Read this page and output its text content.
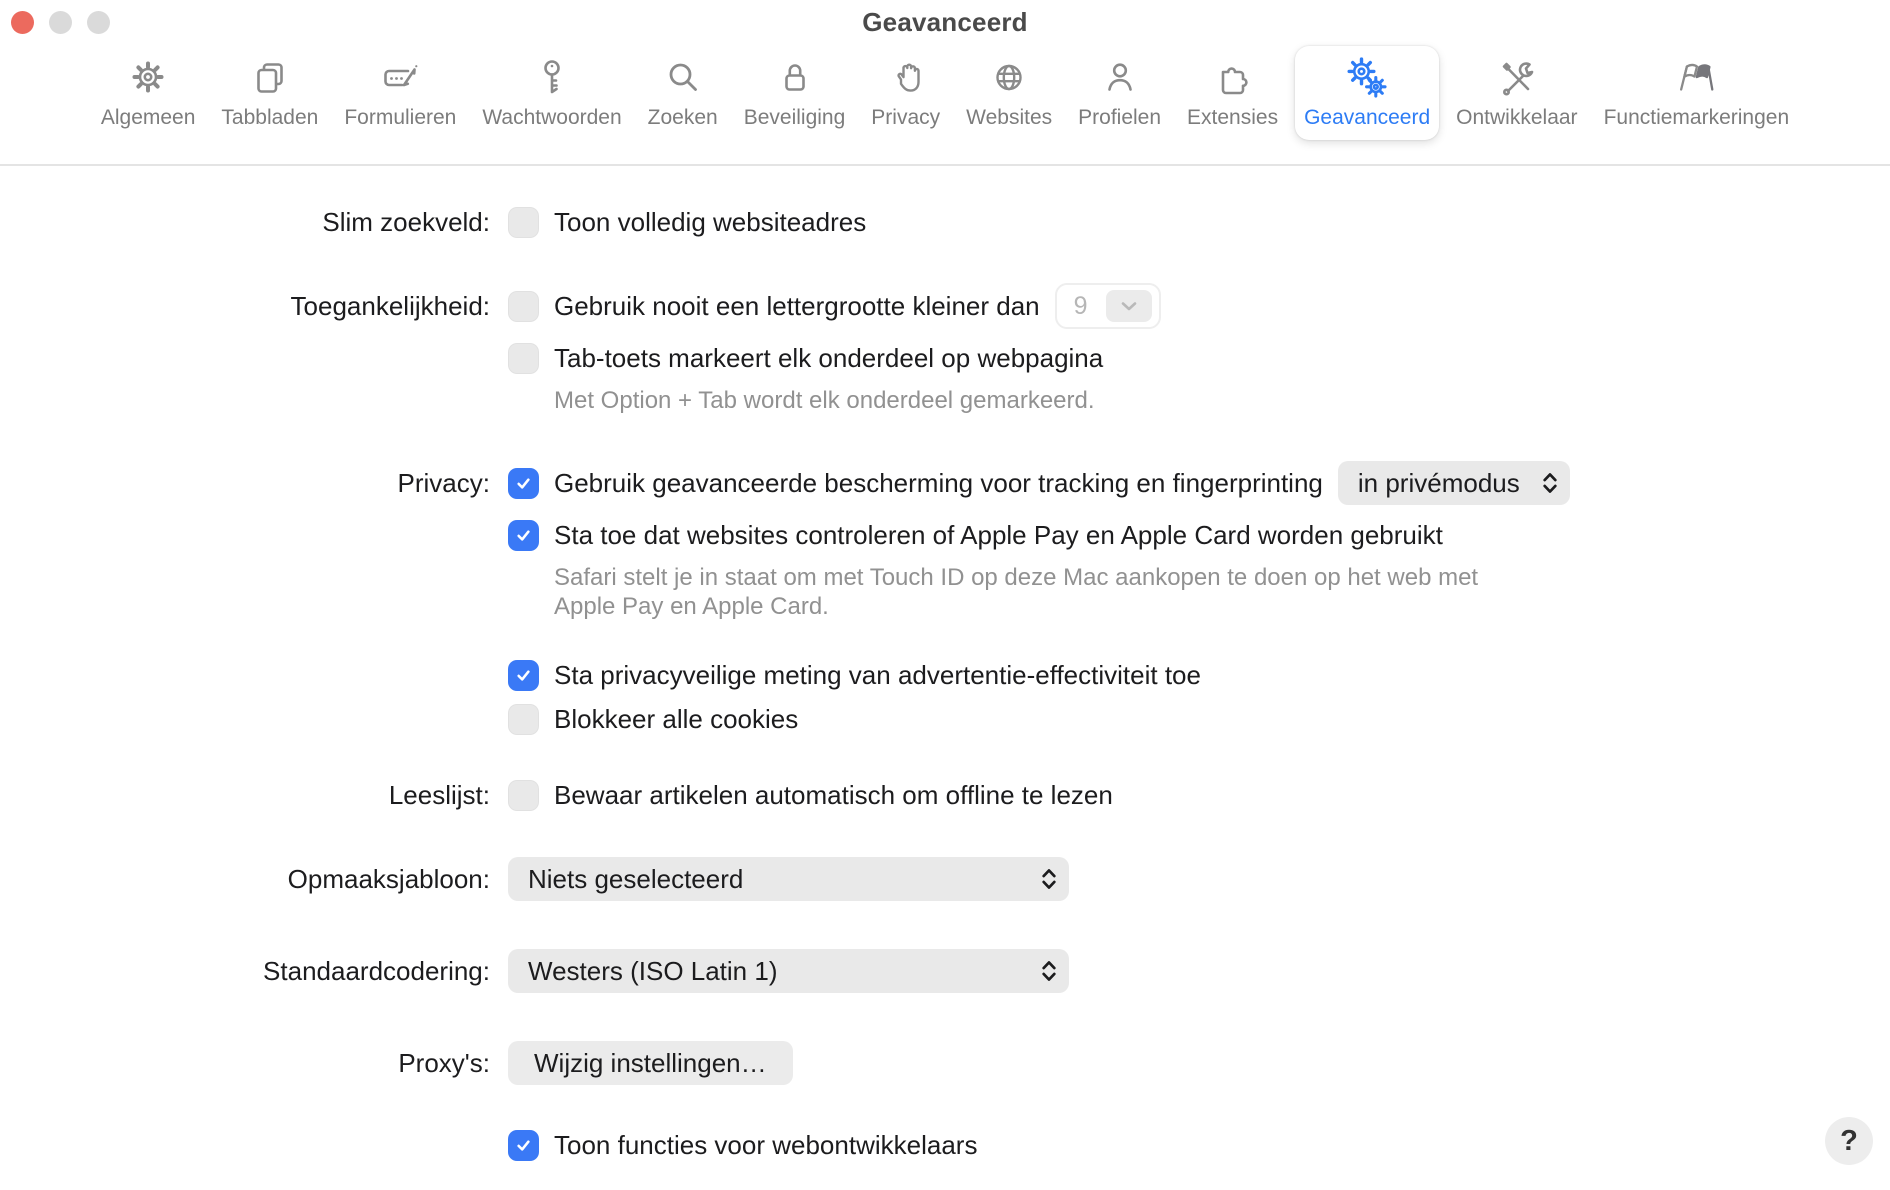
Geavanceerd
Algemeen Tabbladen Formulieren Wachtwoorden Zoeken Beveiliging Privacy Websites Profielen Extensies Geavanceerd Ontwikkelaar Functiemarkeringen
Slim zoekveld: Toon volledig websiteadres
Toegankelijkheid: Gebruik nooit een lettergrootte kleiner dan 9
Tab-toets markeert elk onderdeel op webpagina
Met Option + Tab wordt elk onderdeel gemarkeerd.
Privacy: Gebruik geavanceerde bescherming voor tracking en fingerprinting in privémodus
Sta toe dat websites controleren of Apple Pay en Apple Card worden gebruikt
Safari stelt je in staat om met Touch ID op deze Mac aankopen te doen op het web met
Apple Pay en Apple Card.
Sta privacyveilige meting van advertentie-effectiviteit toe
Blokkeer alle cookies
Leeslijst: Bewaar artikelen automatisch om offline te lezen
Opmaaksjabloon: Niets geselecteerd
Standaardcodering: Westers (ISO Latin 1)
Proxy's:	Wijzig instellingen…
Toon functies voor webontwikkelaars	?
